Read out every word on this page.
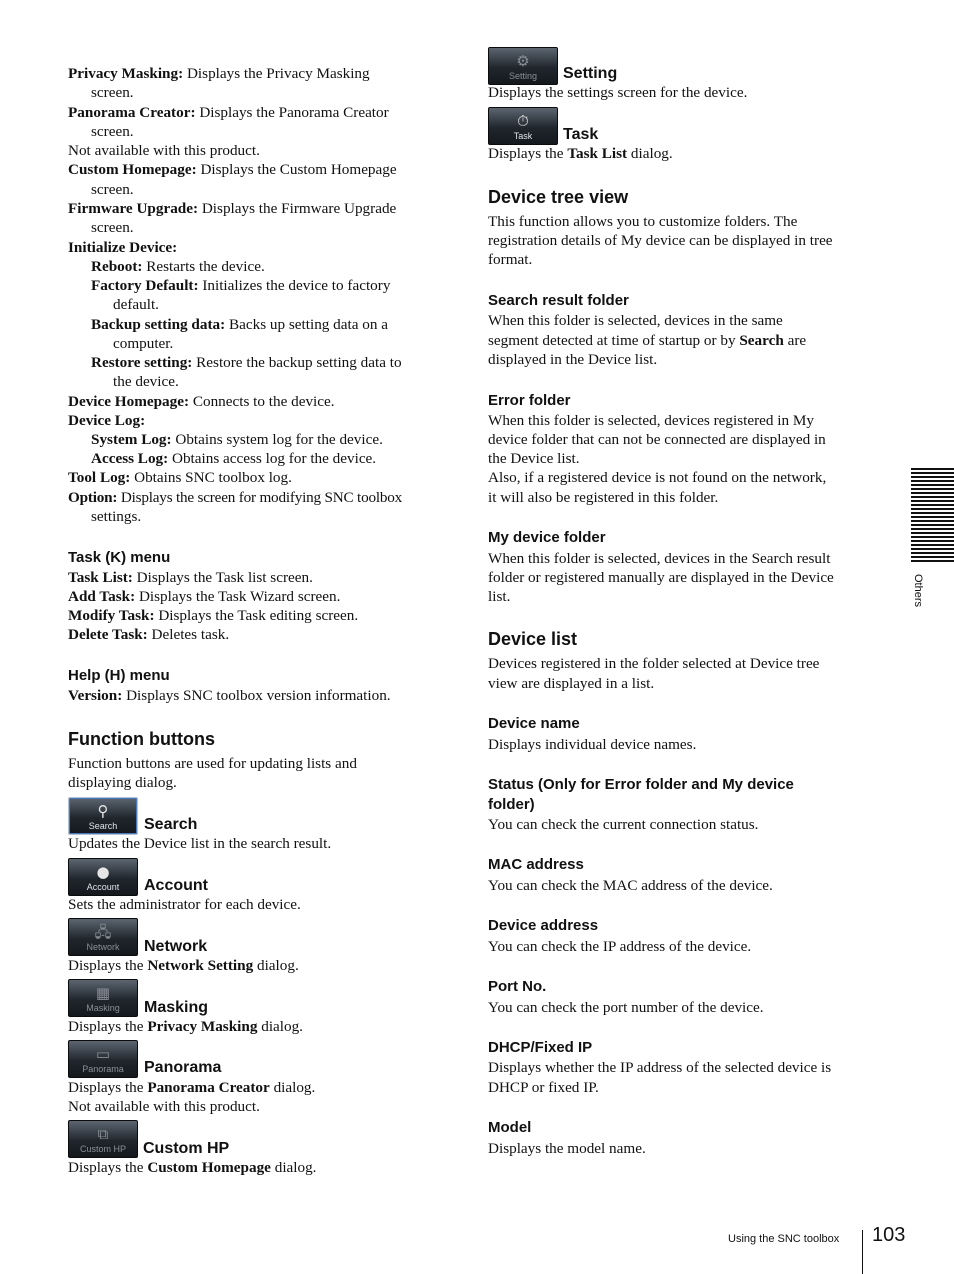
Privacy Masking: Displays the Privacy Masking
screen.
Panorama Creator: Displays the Panorama Creator
screen.
Not available with this product.
Custom Homepage: Displays the Custom Homepage
screen.
Firmware Upgrade: Displays the Firmware Upgrade
screen.
Initialize Device:
Reboot: Restarts the device.
Factory Default: Initializes the device to factory
default.
Backup setting data: Backs up setting data on a
computer.
Restore setting: Restore the backup setting data to
the device.
Device Homepage: Connects to the device.
Device Log:
System Log: Obtains system log for the device.
Access Log: Obtains access log for the device.
Tool Log: Obtains SNC toolbox log.
Option: Displays the screen for modifying SNC toolbox
settings.
Task (K) menu
Task List: Displays the Task list screen.
Add Task: Displays the Task Wizard screen.
Modify Task: Displays the Task editing screen.
Delete Task: Deletes task.
Help (H) menu
Version: Displays SNC toolbox version information.
Function buttons
Function buttons are used for updating lists and
displaying dialog.
⚲
Search	Search
Updates the Device list in the search result.
●
Account	Account
Sets the administrator for each device.
🖧
Network	Network
Displays the Network Setting dialog.
▦
Masking	Masking
Displays the Privacy Masking dialog.
▭
Panorama	Panorama
Displays the Panorama Creator dialog.
Not available with this product.
⧉
Custom HP	Custom HP
Displays the Custom Homepage dialog.
⚙
Setting	Setting
Displays the settings screen for the device.
⏱
Task	Task
Displays the Task List dialog.
Device tree view
This function allows you to customize folders. The
registration details of My device can be displayed in tree
format.
Search result folder
When this folder is selected, devices in the same
segment detected at time of startup or by Search are
displayed in the Device list.
Error folder
When this folder is selected, devices registered in My
device folder that can not be connected are displayed in
the Device list.
Also, if a registered device is not found on the network,
it will also be registered in this folder.
My device folder
When this folder is selected, devices in the Search result
folder or registered manually are displayed in the Device
list.
Device list
Devices registered in the folder selected at Device tree
view are displayed in a list.
Device name
Displays individual device names.
Status (Only for Error folder and My device
folder)
You can check the current connection status.
MAC address
You can check the MAC address of the device.
Device address
You can check the IP address of the device.
Port No.
You can check the port number of the device.
DHCP/Fixed IP
Displays whether the IP address of the selected device is
DHCP or fixed IP.
Model
Displays the model name.
Others
Using the SNC toolbox 103
